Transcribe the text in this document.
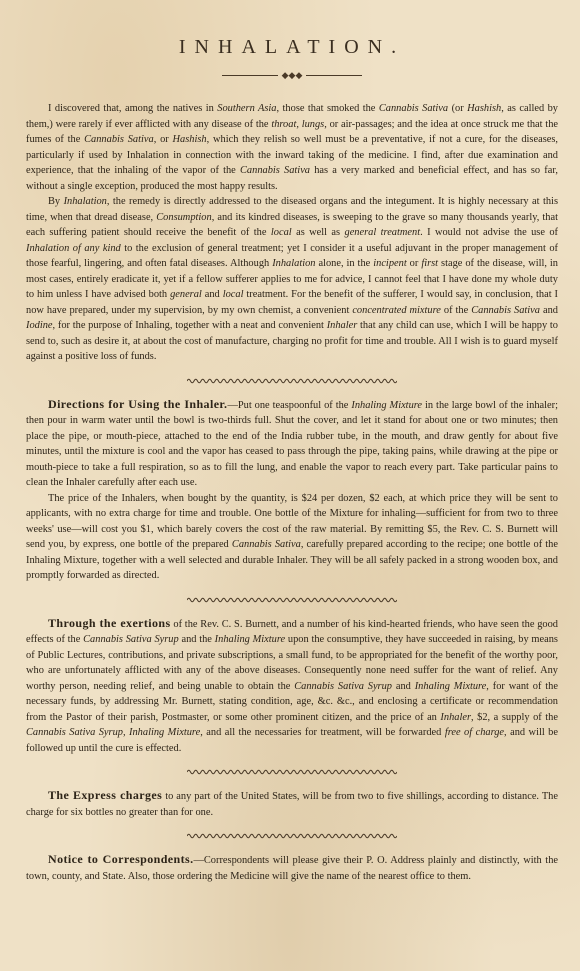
INHALATION.
◆◆◆

I discovered that, among the natives in Southern Asia, those that smoked the Cannabis Sativa (or Hashish, as called by them,) were rarely if ever afflicted with any disease of the throat, lungs, or air-passages; and the idea at once struck me that the fumes of the Cannabis Sativa, or Hashish, which they relish so well must be a preventative, if not a cure, for the diseases, particularly if used by Inhalation in connection with the inward taking of the medicine. I find, after due examination and experience, that the inhaling of the vapor of the Cannabis Sativa has a very marked and beneficial effect, and has so far, without a single exception, produced the most happy results.

By Inhalation, the remedy is directly addressed to the diseased organs and the integument. It is highly necessary at this time, when that dread disease, Consumption, and its kindred diseases, is sweeping to the grave so many thousands yearly, that each suffering patient should receive the benefit of the local as well as general treatment. I would not advise the use of Inhalation of any kind to the exclusion of general treatment; yet I consider it a useful adjuvant in the proper management of those fearful, lingering, and often fatal diseases. Although Inhalation alone, in the incipent or first stage of the disease, will, in most cases, entirely eradicate it, yet if a fellow sufferer applies to me for advice, I cannot feel that I have done my whole duty to him unless I have advised both general and local treatment. For the benefit of the sufferer, I would say, in conclusion, that I now have prepared, under my supervision, by my own chemist, a convenient concentrated mixture of the Cannabis Sativa and Iodine, for the purpose of Inhaling, together with a neat and convenient Inhaler that any child can use, which I will be happy to send to, such as desire it, at about the cost of manufacture, charging no profit for time and trouble. All I wish is to guard myself against a positive loss of funds.

Directions for Using the Inhaler.—Put one teaspoonful of the Inhaling Mixture in the large bowl of the inhaler; then pour in warm water until the bowl is two-thirds full. Shut the cover, and let it stand for about one or two minutes; then place the pipe, or mouth-piece, attached to the end of the India rubber tube, in the mouth, and draw gently for about five minutes, until the mixture is cool and the vapor has ceased to pass through the pipe, taking pains, while drawing at the pipe or mouth-piece to take a full respiration, so as to fill the lung, and enable the vapor to reach every part. Take particular pains to clean the Inhaler carefully after each use.

The price of the Inhalers, when bought by the quantity, is $24 per dozen, $2 each, at which price they will be sent to applicants, with no extra charge for time and trouble. One bottle of the Mixture for inhaling—sufficient for from two to three weeks' use—will cost you $1, which barely covers the cost of the raw material. By remitting $5, the Rev. C. S. Burnett will send you, by express, one bottle of the prepared Cannabis Sativa, carefully prepared according to the recipe; one bottle of the Inhaling Mixture, together with a well selected and durable Inhaler. They will be all safely packed in a strong wooden box, and promptly forwarded as directed.

Through the exertions of the Rev. C. S. Burnett, and a number of his kind-hearted friends, who have seen the good effects of the Cannabis Sativa Syrup and the Inhaling Mixture upon the consumptive, they have succeeded in raising, by means of Public Lectures, contributions, and private subscriptions, a small fund, to be appropriated for the benefit of the worthy poor, who are unfortunately afflicted with any of the above diseases. Consequently none need suffer for the want of relief. Any worthy person, needing relief, and being unable to obtain the Cannabis Sativa Syrup and Inhaling Mixture, for want of the necessary funds, by addressing Mr. Burnett, stating condition, age, &c. &c., and enclosing a certificate or recommendation from the Pastor of their parish, Postmaster, or some other prominent citizen, and the price of an Inhaler, $2, a supply of the Cannabis Sativa Syrup, Inhaling Mixture, and all the necessaries for treatment, will be forwarded free of charge, and will be followed up until the cure is effected.

The Express charges to any part of the United States, will be from two to five shillings, according to distance. The charge for six bottles no greater than for one.

Notice to Correspondents.—Correspondents will please give their P. O. Address plainly and distinctly, with the town, county, and State. Also, those ordering the Medicine will give the name of the nearest office to them.
